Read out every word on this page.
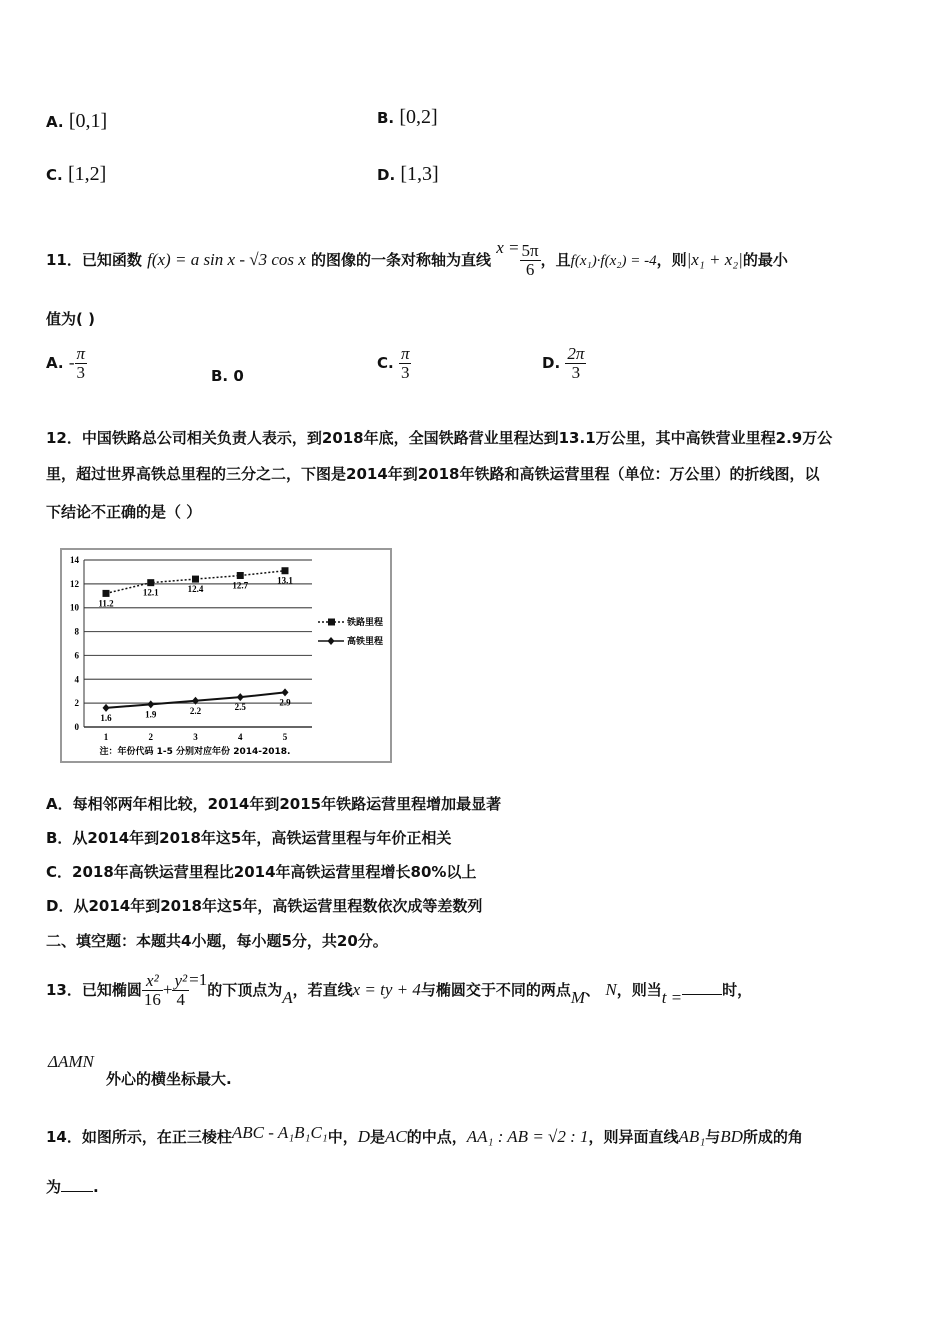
A. [0,1]	B. [0,2]
C. [1,2]	D. [1,3]
11．已知函数 f(x) = a sin x - √3 cos x 的图像的一条对称轴为直线 $x = \frac{5\pi}{6}$ ，且f(x₁)·f(x₂) = -4，则|x₁ + x₂|的最小
值为( )
A. - $\frac{\pi}{3}$	B. 0
C. $\frac{\pi}{3}$	D. $\frac{2\pi}{3}$
12．中国铁路总公司相关负责人表示，到2018年底，全国铁路营业里程达到13.1万公里，其中高铁营业里程2.9万公
里，超过世界高铁总里程的三分之二，下图是2014年到2018年铁路和高铁运营里程（单位：万公里）的折线图，以
下结论不正确的是（ ）
0
2
4
6
8
10
12
14
1	2	3	4	5
注：年份代码 1-5 分别对应年份 2014-2018.
11.2
12.1	12.4	12.7	13.1
铁路里程
1.6	1.9	2.2	2.5	2.9
高铁里程
A．每相邻两年相比较，2014年到2015年铁路运营里程增加最显著
B．从2014年到2018年这5年，高铁运营里程与年价正相关
C．2018年高铁运营里程比2014年高铁运营里程增长80%以上
D．从2014年到2018年这5年，高铁运营里程数依次成等差数列
二、填空题：本题共4小题，每小题5分，共20分。
13．已知椭圆 $\frac{\text{x²}}{16} + \frac{\text{y²}}{4} =1$的下顶点为A，若直线x = ty + 4与椭圆交于不同的两点M、 N，则当t =	时，
ΔAMN
外心的横坐标最大.
14．如图所示，在正三棱柱ABC - A₁B₁C₁中，D是AC的中点，AA₁ : AB = √2 : 1，则异面直线AB₁与BD所成的角
为 .
